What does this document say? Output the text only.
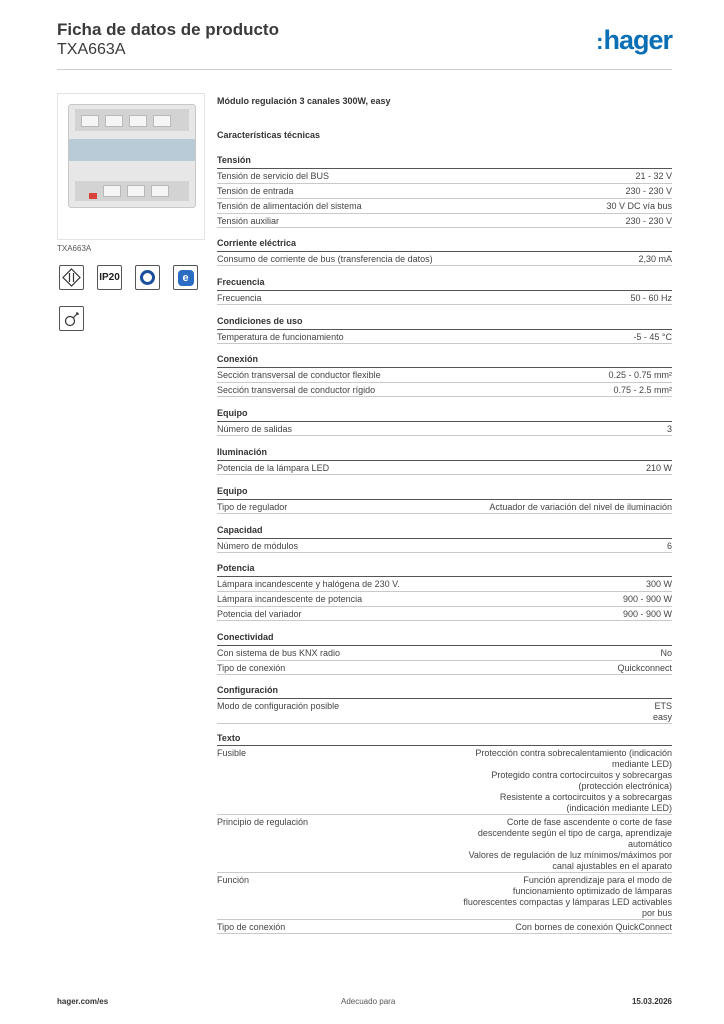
Ficha de datos de producto
TXA663A	:hager
TXA663A
IP20	e
Módulo regulación 3 canales 300W, easy
Características técnicas
Tensión
Tensión de servicio del BUS	21 - 32 V
Tensión de entrada	230 - 230 V
Tensión de alimentación del sistema	30 V DC vía bus
Tensión auxiliar	230 - 230 V
Corriente eléctrica
Consumo de corriente de bus (transferencia de datos)	2,30 mA
Frecuencia
Frecuencia	50 - 60 Hz
Condiciones de uso
Temperatura de funcionamiento	-5 - 45 °C
Conexión
Sección transversal de conductor flexible	0.25 - 0.75 mm²
Sección transversal de conductor rígido	0.75 - 2.5 mm²
Equipo
Número de salidas	3
Iluminación
Potencia de la lámpara LED	210 W
Equipo
Tipo de regulador	Actuador de variación del nivel de iluminación
Capacidad
Número de módulos	6
Potencia
Lámpara incandescente y halógena de 230 V.	300 W
Lámpara incandescente de potencia	900 - 900 W
Potencia del variador	900 - 900 W
Conectividad
Con sistema de bus KNX radio	No
Tipo de conexión	Quickconnect
Configuración
Modo de configuración posible	ETS
easy
Texto
Fusible	Protección contra sobrecalentamiento (indicación
mediante LED)
Protegido contra cortocircuitos y sobrecargas
(protección electrónica)
Resistente a cortocircuitos y a sobrecargas
(indicación mediante LED)
Principio de regulación	Corte de fase ascendente o corte de fase
descendente según el tipo de carga, aprendizaje
automático
Valores de regulación de luz mínimos/máximos por
canal ajustables en el aparato
Función	Función aprendizaje para el modo de
funcionamiento optimizado de lámparas
fluorescentes compactas y lámparas LED activables
por bus
Tipo de conexión	Con bornes de conexión QuickConnect
hager.com/es	Adecuado para	15.03.2026
